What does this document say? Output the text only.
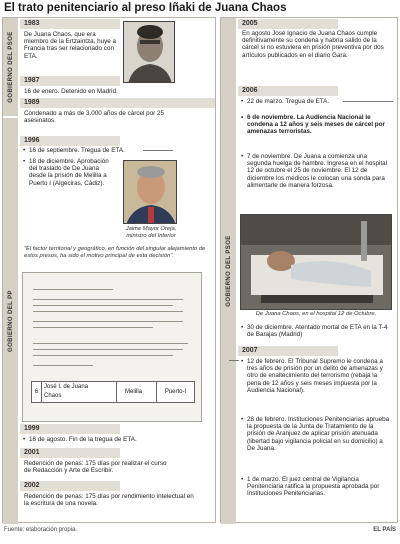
El trato penitenciario al preso Iñaki de Juana Chaos
GOBIERNO DEL PSOE
GOBIERNO DEL PP
1983
De Juana Chaos, que era miembro de la Ertzaintza, huye a Francia tras ser relacionado con ETA.
1987
16 de enero. Detenido en Madrid.
1989
Condenado a más de 3.000 años de cárcel por 25 asesinatos.
1996
• 16 de septiembre. Tregua de ETA.
• 18 de diciembre. Aprobación del traslado de De Juana desde la prisión de Melilla a Puerto I (Algeciras, Cádiz).
Jaime Mayor Oreja,
ministro del Interior
"El factor territorial y geográfico, en función del singular alejamiento de estos presos, ha sido el motivo principal de esta decisión".
6
José I. de Juana Chaos
Melilla	Puerto-I
1999
• 16 de agosto. Fin de la tregua de ETA.
2001
Redención de penas: 175 días por realizar el curso de Redacción y Arte de Escribir.
2002
Redención de penas: 175 días por rendimiento intelectual en la escritura de una novela.
GOBIERNO DEL PSOE
2005
En agosto José Ignacio de Juana Chaos cumple definitivamente su condena y habría salido de la cárcel si no estuviera en prisión preventiva por dos artículos publicados en el diario Gara.
2006
• 22 de marzo. Tregua de ETA.
• 6 de noviembre. La Audiencia Nacional le condena a 12 años y seis meses de cárcel por amenazas terroristas.
• 7 de noviembre. De Juana a comienza una segunda huelga de hambre. Ingresa en el hospital 12 de octubre el 25 de noviembre. El 12 de diciembre los médicos le colocan una sonda para alimentarle de manera forzosa.
De Juana Chaos, en el hospital 12 de Octubre.
• 30 de diciembre. Atentado mortal de ETA en la T-4 de Barajas (Madrid)
2007
• 12 de febrero. El Tribunal Supremo le condena a tres años de prisión por un delito de amenazas y otro de enaltecimiento del terrorismo (rebaja la pena de 12 años y seis meses impuesta por la Audiencia Nacional).
• 28 de febrero. Instituciones Penitenciarias aprueba la propuesta de la Junta de Tratamiento de la prisión de Aranjuez de aplicar prisión atenuada (libertad bajo vigilancia policial en su domicilio) a De Juana.
• 1 de marzo. El juez central de Vigilancia Penitenciaria ratifica la propuesta aprobada por Instituciones Penitenciarias.
Fuente: elaboración propia.	EL PAÍS
